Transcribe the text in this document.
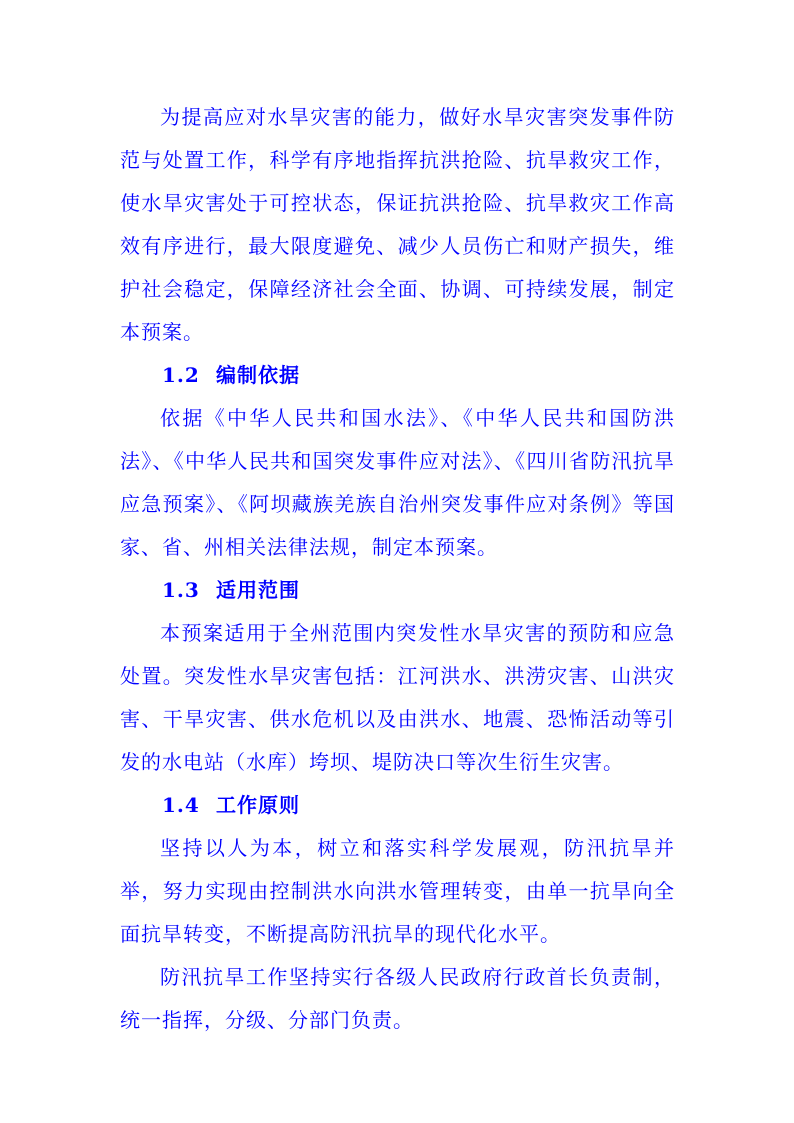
为提高应对水旱灾害的能力，做好水旱灾害突发事件防范与处置工作，科学有序地指挥抗洪抢险、抗旱救灾工作，使水旱灾害处于可控状态，保证抗洪抢险、抗旱救灾工作高效有序进行，最大限度避免、减少人员伤亡和财产损失，维护社会稳定，保障经济社会全面、协调、可持续发展，制定本预案。

1.2 编制依据

依据《中华人民共和国水法》、《中华人民共和国防洪法》、《中华人民共和国突发事件应对法》、《四川省防汛抗旱应急预案》、《阿坝藏族羌族自治州突发事件应对条例》等国家、省、州相关法律法规，制定本预案。

1.3 适用范围

本预案适用于全州范围内突发性水旱灾害的预防和应急处置。突发性水旱灾害包括：江河洪水、洪涝灾害、山洪灾害、干旱灾害、供水危机以及由洪水、地震、恐怖活动等引发的水电站（水库）垮坝、堤防决口等次生衍生灾害。

1.4 工作原则

坚持以人为本，树立和落实科学发展观，防汛抗旱并举，努力实现由控制洪水向洪水管理转变，由单一抗旱向全面抗旱转变，不断提高防汛抗旱的现代化水平。

防汛抗旱工作坚持实行各级人民政府行政首长负责制，统一指挥，分级、分部门负责。
